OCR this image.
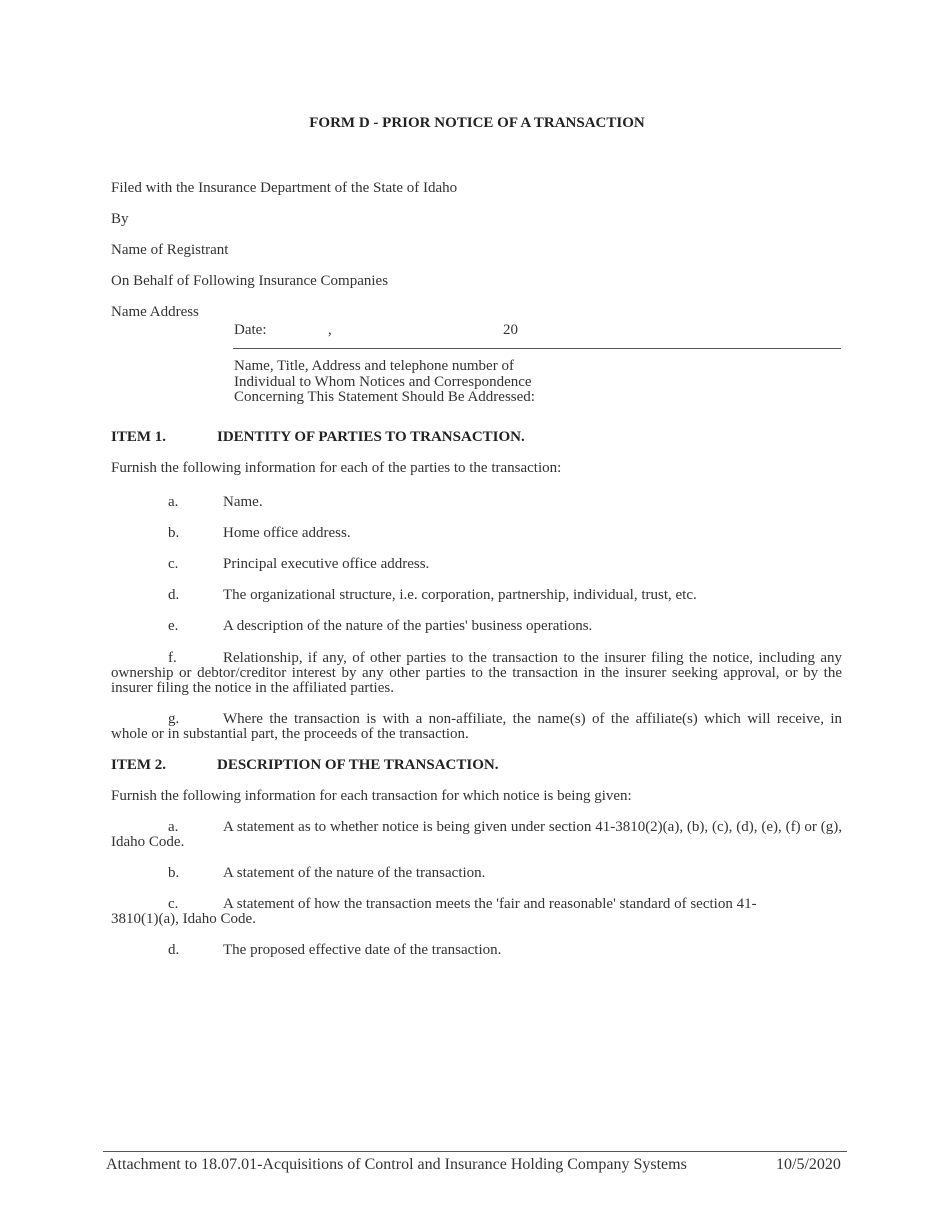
FORM D - PRIOR NOTICE OF A TRANSACTION
Filed with the Insurance Department of the State of Idaho
By
Name of Registrant
On Behalf of Following Insurance Companies
Name Address
Date:	,	20
Name, Title, Address and telephone number of
Individual to Whom Notices and Correspondence
Concerning This Statement Should Be Addressed:
ITEM 1.	IDENTITY OF PARTIES TO TRANSACTION.
Furnish the following information for each of the parties to the transaction:
a.	Name.
b.	Home office address.
c.	Principal executive office address.
d.	The organizational structure, i.e. corporation, partnership, individual, trust, etc.
e.	A description of the nature of the parties' business operations.
f.	Relationship, if any, of other parties to the transaction to the insurer filing the notice, including any ownership or debtor/creditor interest by any other parties to the transaction in the insurer seeking approval, or by the insurer filing the notice in the affiliated parties.
g.	Where the transaction is with a non-affiliate, the name(s) of the affiliate(s) which will receive, in whole or in substantial part, the proceeds of the transaction.
ITEM 2.	DESCRIPTION OF THE TRANSACTION.
Furnish the following information for each transaction for which notice is being given:
a.	A statement as to whether notice is being given under section 41-3810(2)(a), (b), (c), (d), (e), (f) or (g), Idaho Code.
b.	A statement of the nature of the transaction.
c.	A statement of how the transaction meets the 'fair and reasonable' standard of section 41-3810(1)(a), Idaho Code.
d.	The proposed effective date of the transaction.
Attachment to 18.07.01-Acquisitions of Control and Insurance Holding Company Systems	10/5/2020
